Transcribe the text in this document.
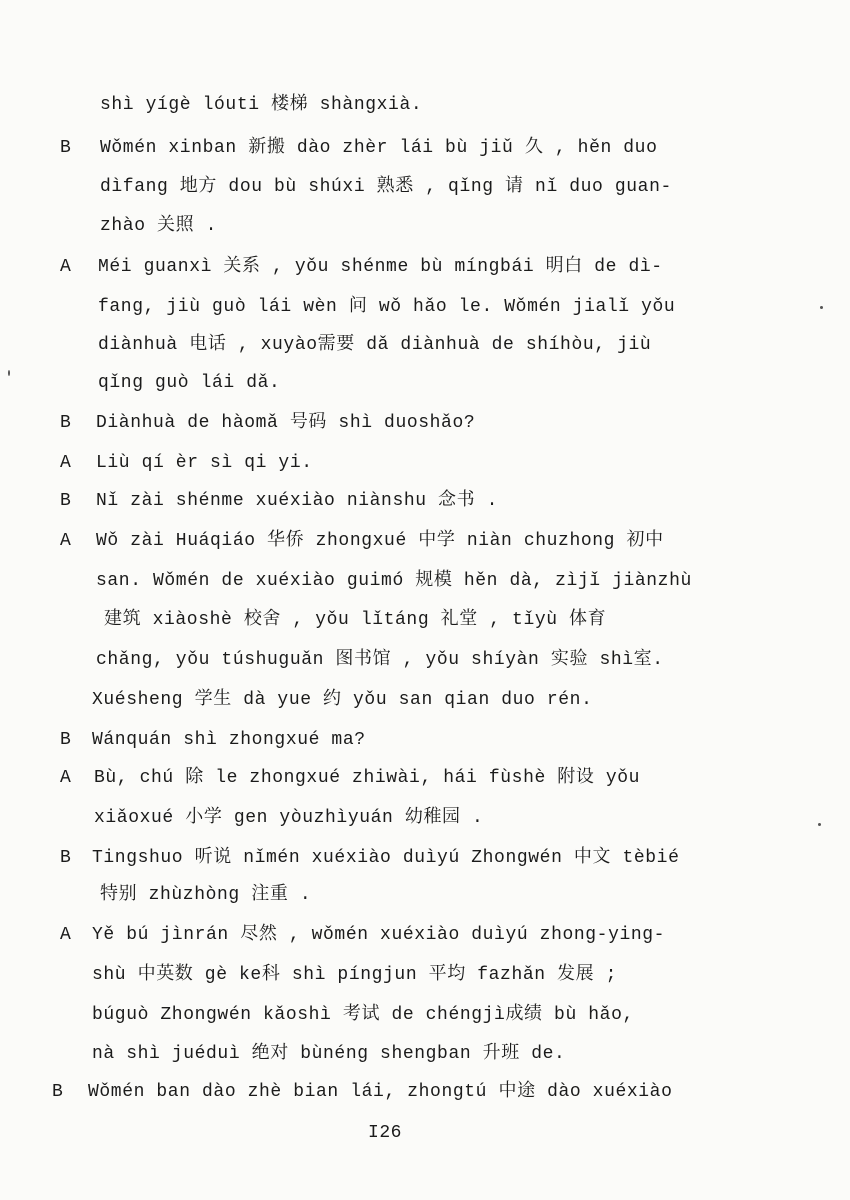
shì yígè lóuti 楼梯 shàngxià.
B Wǒmén xinban 新搬 dào zhèr lái bù jiǔ 久 , hěn duo
dìfang 地方 dou bù shúxi 熟悉 , qǐng 请 nǐ duo guan-
zhào 关照 .
A Méi guanxì 关系 , yǒu shénme bù míngbái 明白 de dì-
fang, jiù guò lái wèn 问 wǒ hǎo le. Wǒmén jialǐ yǒu
diànhuà 电话 , xuyào需要 dǎ diànhuà de shíhòu, jiù
qǐng guò lái dǎ.
B Diànhuà de hàomǎ 号码 shì duoshǎo?
A Liù qí èr sì qi yi.
B Nǐ zài shénme xuéxiào niànshu 念书 .
A Wǒ zài Huáqiáo 华侨 zhongxué 中学 niàn chuzhong 初中
san. Wǒmén de xuéxiào guimó 规模 hěn dà, zìjǐ jiànzhù
建筑 xiàoshè 校舍 , yǒu lǐtáng 礼堂 , tǐyù 体育
chǎng, yǒu túshuguǎn 图书馆 , yǒu shíyàn 实验 shì室.
Xuésheng 学生 dà yue 约 yǒu san qian duo rén.
B Wánquán shì zhongxué ma?
A Bù, chú 除 le zhongxué zhiwài, hái fùshè 附设 yǒu
xiǎoxué 小学 gen yòuzhìyuán 幼稚园 .
B Tingshuo 听说 nǐmén xuéxiào duìyú Zhongwén 中文 tèbié
特别 zhùzhòng 注重 .
A Yě bú jìnrán 尽然 , wǒmén xuéxiào duìyú zhong-ying-
shù 中英数 gè ke科 shì píngjun 平均 fazhǎn 发展 ;
búguò Zhongwén kǎoshì 考试 de chéngjì成绩 bù hǎo,
nà shì juéduì 绝对 bùnéng shengban 升班 de.
B Wǒmén ban dào zhè bian lái, zhongtú 中途 dào xuéxiào
I26
